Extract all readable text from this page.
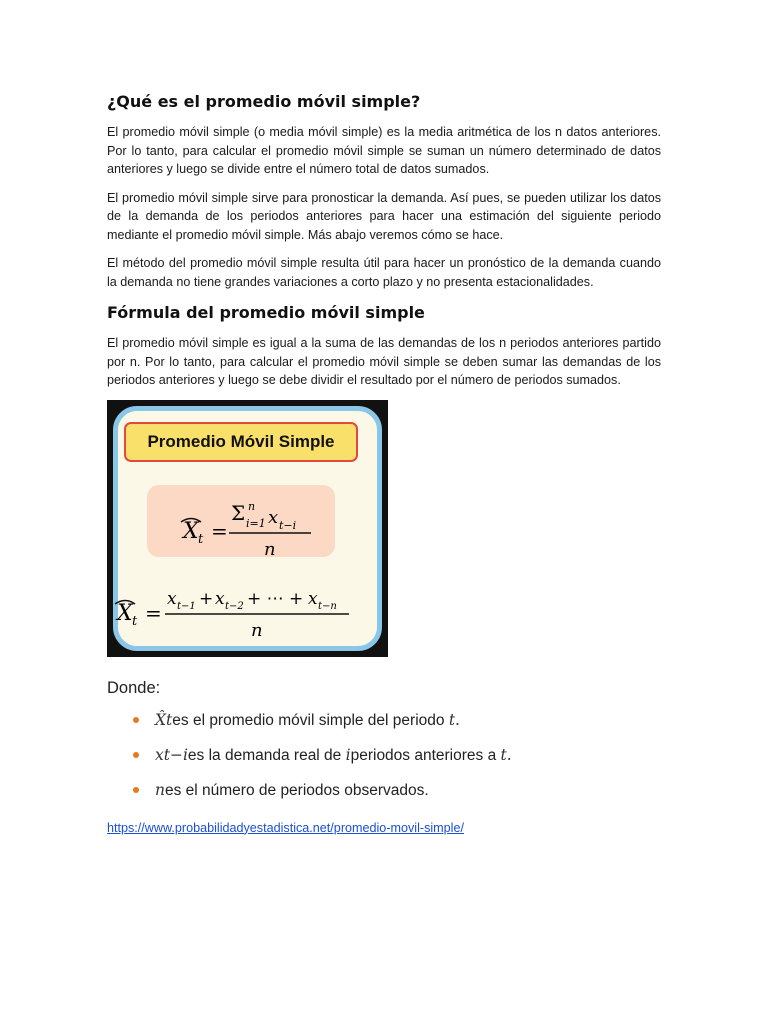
¿Qué es el promedio móvil simple?

El promedio móvil simple (o media móvil simple) es la media aritmética de los n datos anteriores. Por lo tanto, para calcular el promedio móvil simple se suman un número determinado de datos anteriores y luego se divide entre el número total de datos sumados.

El promedio móvil simple sirve para pronosticar la demanda. Así pues, se pueden utilizar los datos de la demanda de los periodos anteriores para hacer una estimación del siguiente periodo mediante el promedio móvil simple. Más abajo veremos cómo se hace.

El método del promedio móvil simple resulta útil para hacer un pronóstico de la demanda cuando la demanda no tiene grandes variaciones a corto plazo y no presenta estacionalidades.

Fórmula del promedio móvil simple

El promedio móvil simple es igual a la suma de las demandas de los n periodos anteriores partido por n. Por lo tanto, para calcular el promedio móvil simple se deben sumar las demandas de los periodos anteriores y luego se debe dividir el resultado por el número de periodos sumados.

Promedio Móvil Simple
X t =
Σ n
i=1 x t−i
n
X t =
x t−1 + x t−2 + ⋯ + x t−n
n
Donde:
X̂tes el promedio móvil simple del periodo t.
xt−ies la demanda real de iperiodos anteriores a t.
nes el número de periodos observados.
https://www.probabilidadyestadistica.net/promedio-movil-simple/
